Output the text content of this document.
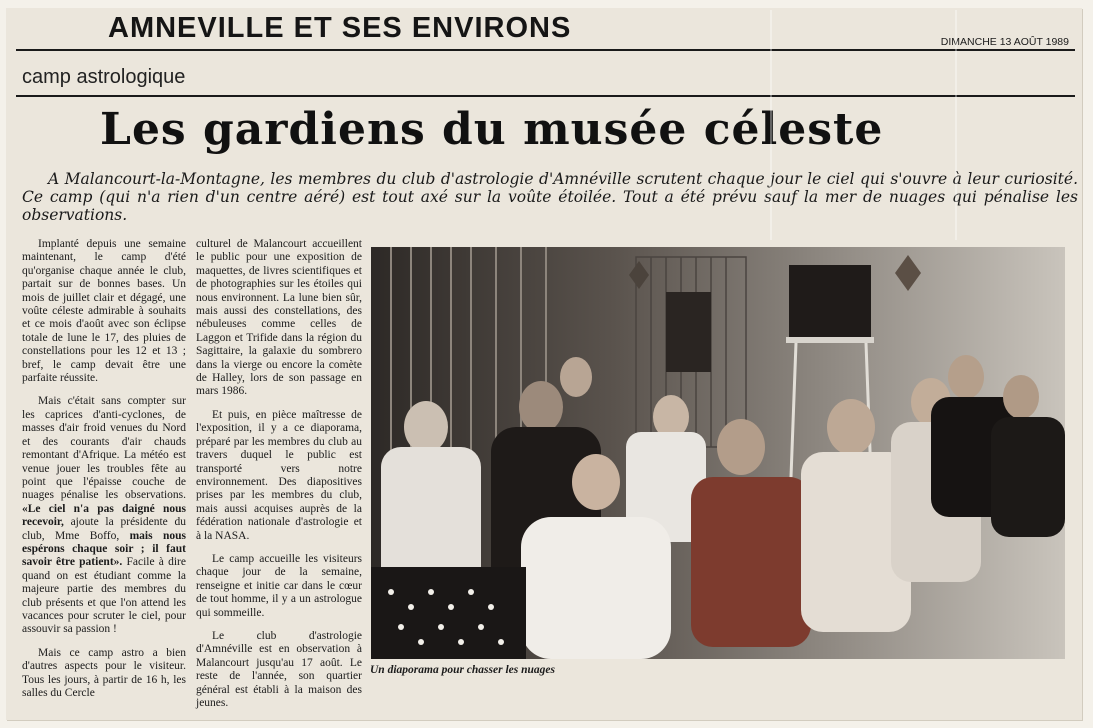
AMNEVILLE ET SES ENVIRONS	DIMANCHE 13 AOÛT 1989
camp astrologique
Les gardiens du musée céleste
A Malancourt-la-Montagne, les membres du club d'astrologie d'Amnéville scrutent chaque jour le ciel qui s'ouvre à leur curiosité. Ce camp (qui n'a rien d'un centre aéré) est tout axé sur la voûte étoilée. Tout a été prévu sauf la mer de nuages qui pénalise les observations.

Implanté depuis une semaine maintenant, le camp d'été qu'organise chaque année le club, partait sur de bonnes bases. Un mois de juillet clair et dégagé, une voûte céleste admirable à souhaits et ce mois d'août avec son éclipse totale de lune le 17, des pluies de constellations pour les 12 et 13 ; bref, le camp devait être une parfaite réussite.

Mais c'était sans compter sur les caprices d'anti-cyclones, de masses d'air froid venues du Nord et des courants d'air chauds remontant d'Afrique. La météo est venue jouer les troubles fête au point que l'épaisse couche de nuages pénalise les observations. «Le ciel n'a pas daigné nous recevoir, ajoute la présidente du club, Mme Boffo, mais nous espérons chaque soir ; il faut savoir être patient». Facile à dire quand on est étudiant comme la majeure partie des membres du club présents et que l'on attend les vacances pour scruter le ciel, pour assouvir sa passion !

Mais ce camp astro a bien d'autres aspects pour le visiteur. Tous les jours, à partir de 16 h, les salles du Cercle

culturel de Malancourt accueillent le public pour une exposition de maquettes, de livres scientifiques et de photographies sur les étoiles qui nous environnent. La lune bien sûr, mais aussi des constellations, des nébuleuses comme celles de Laggon et Trifide dans la région du Sagittaire, la galaxie du sombrero dans la vierge ou encore la comète de Halley, lors de son passage en mars 1986.

Et puis, en pièce maîtresse de l'exposition, il y a ce diaporama, préparé par les membres du club au travers duquel le public est transporté vers notre environnement. Des diapositives prises par les membres du club, mais aussi acquises auprès de la fédération nationale d'astrologie et à la NASA.

Le camp accueille les visiteurs chaque jour de la semaine, renseigne et initie car dans le cœur de tout homme, il y a un astrologue qui sommeille.

Le club d'astrologie d'Amnéville est en observation à Malancourt jusqu'au 17 août. Le reste de l'année, son quartier général est établi à la maison des jeunes.

Un diaporama pour chasser les nuages
